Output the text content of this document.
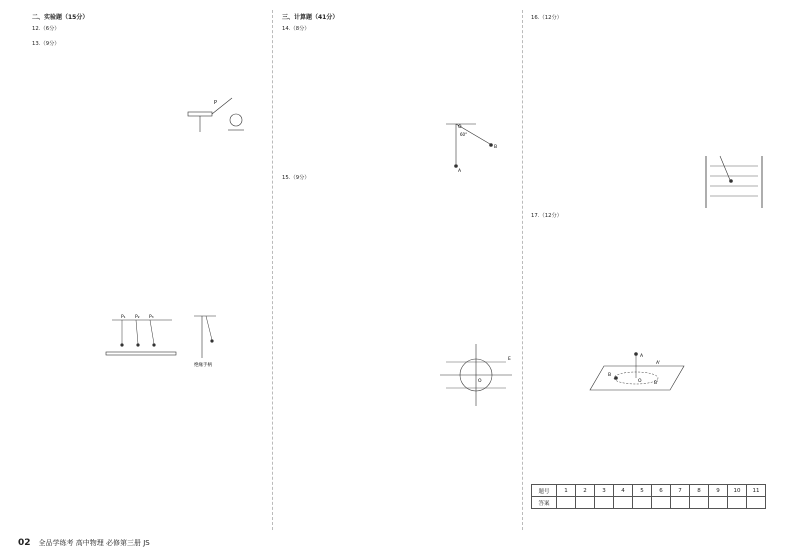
二、实验题（15分）

12.（6分）

13.（9分）

P
P₁ P₂ P₃
绝缘手柄
三、计算题（41分）

14.（8分）

15.（9分）

O
A
B
60°
E
O

16.（12分）

17.（12分）

A
B
O	B'
A'
题号	1	2	3	4	5	6	7	8	9	10	11
答案											
02 全品学练考 高中物理 必修第三册 JS
